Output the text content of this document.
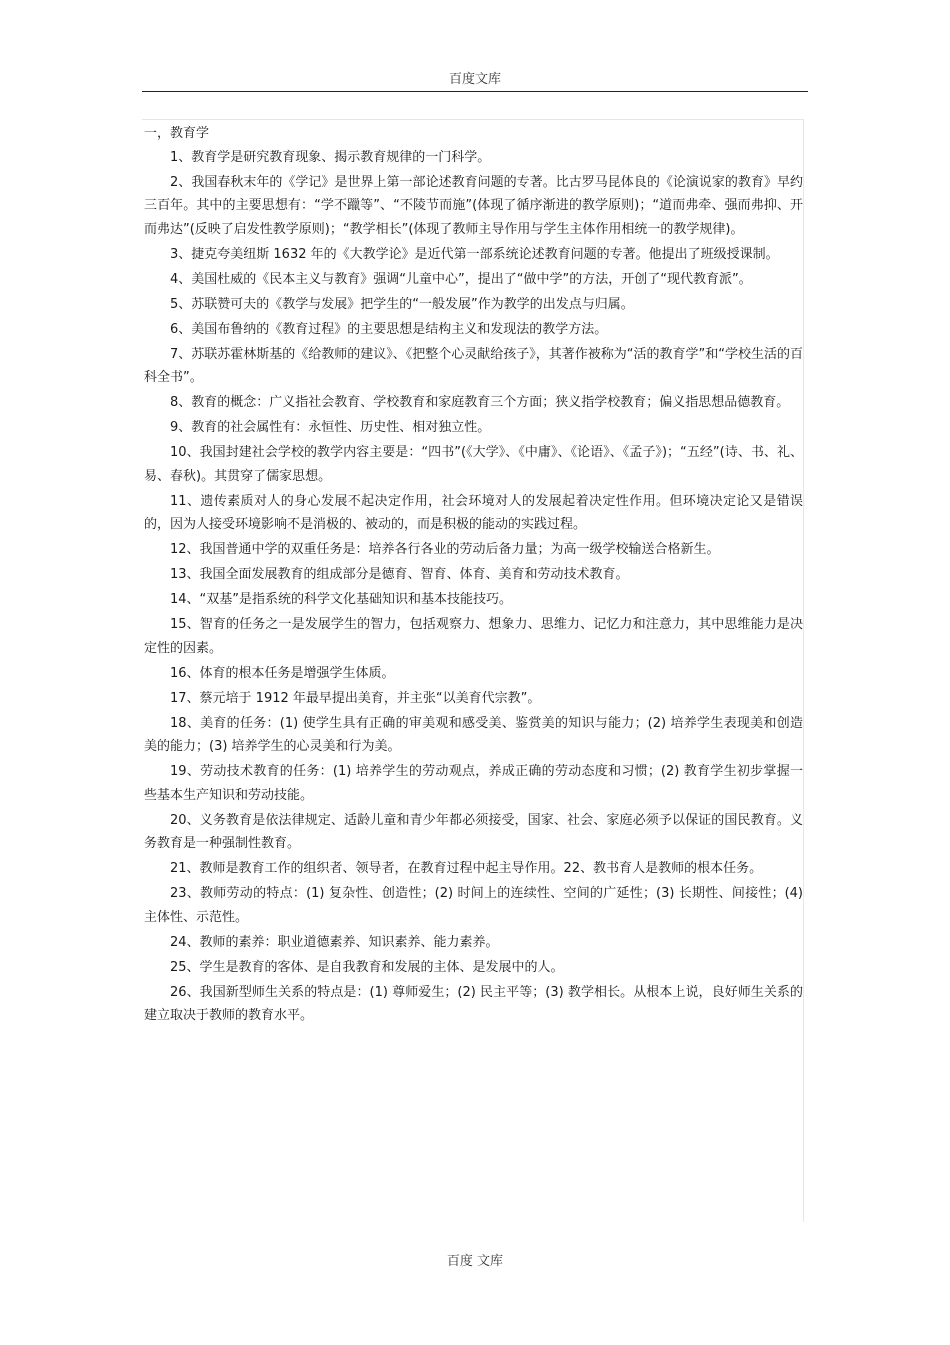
百度文库
一，教育学

1、教育学是研究教育现象、揭示教育规律的一门科学。

2、我国春秋末年的《学记》是世界上第一部论述教育问题的专著。比古罗马昆体良的《论演说家的教育》早约三百年。其中的主要思想有：“学不躐等”、“不陵节而施”(体现了循序渐进的教学原则)；“道而弗牵、强而弗抑、开而弗达”(反映了启发性教学原则)；“教学相长”(体现了教师主导作用与学生主体作用相统一的教学规律)。

3、捷克夸美纽斯 1632 年的《大教学论》是近代第一部系统论述教育问题的专著。他提出了班级授课制。

4、美国杜威的《民本主义与教育》强调“儿童中心”，提出了“做中学”的方法，开创了“现代教育派”。

5、苏联赞可夫的《教学与发展》把学生的“一般发展”作为教学的出发点与归属。

6、美国布鲁纳的《教育过程》的主要思想是结构主义和发现法的教学方法。

7、苏联苏霍林斯基的《给教师的建议》、《把整个心灵献给孩子》，其著作被称为“活的教育学”和“学校生活的百科全书”。

8、教育的概念：广义指社会教育、学校教育和家庭教育三个方面；狭义指学校教育；偏义指思想品德教育。

9、教育的社会属性有：永恒性、历史性、相对独立性。

10、我国封建社会学校的教学内容主要是：“四书”(《大学》、《中庸》、《论语》、《孟子》)；“五经”(诗、书、礼、易、春秋)。其贯穿了儒家思想。

11、遗传素质对人的身心发展不起决定作用，社会环境对人的发展起着决定性作用。但环境决定论又是错误的，因为人接受环境影响不是消极的、被动的，而是积极的能动的实践过程。

12、我国普通中学的双重任务是：培养各行各业的劳动后备力量；为高一级学校输送合格新生。

13、我国全面发展教育的组成部分是德育、智育、体育、美育和劳动技术教育。

14、“双基”是指系统的科学文化基础知识和基本技能技巧。

15、智育的任务之一是发展学生的智力，包括观察力、想象力、思维力、记忆力和注意力，其中思维能力是决定性的因素。

16、体育的根本任务是增强学生体质。

17、蔡元培于 1912 年最早提出美育，并主张“以美育代宗教”。

18、美育的任务：(1) 使学生具有正确的审美观和感受美、鉴赏美的知识与能力；(2) 培养学生表现美和创造美的能力；(3) 培养学生的心灵美和行为美。

19、劳动技术教育的任务：(1) 培养学生的劳动观点，养成正确的劳动态度和习惯；(2) 教育学生初步掌握一些基本生产知识和劳动技能。

20、义务教育是依法律规定、适龄儿童和青少年都必须接受，国家、社会、家庭必须予以保证的国民教育。义务教育是一种强制性教育。

21、教师是教育工作的组织者、领导者，在教育过程中起主导作用。22、教书育人是教师的根本任务。

23、教师劳动的特点：(1) 复杂性、创造性；(2) 时间上的连续性、空间的广延性；(3) 长期性、间接性；(4) 主体性、示范性。

24、教师的素养：职业道德素养、知识素养、能力素养。

25、学生是教育的客体、是自我教育和发展的主体、是发展中的人。

26、我国新型师生关系的特点是：(1) 尊师爱生；(2) 民主平等；(3) 教学相长。从根本上说，良好师生关系的建立取决于教师的教育水平。

百度 文库
